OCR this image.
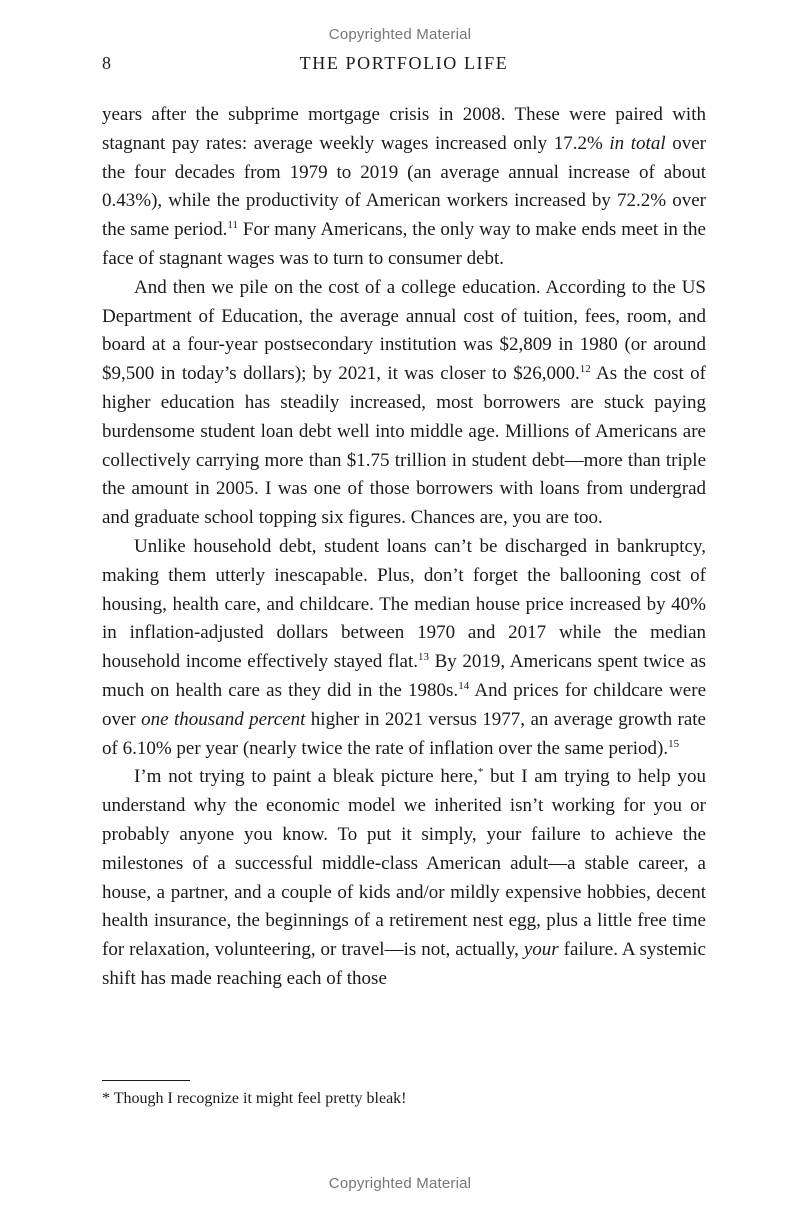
Copyrighted Material
8	THE PORTFOLIO LIFE

years after the subprime mortgage crisis in 2008. These were paired with stagnant pay rates: average weekly wages increased only 17.2% in total over the four decades from 1979 to 2019 (an average annual increase of about 0.43%), while the productivity of American workers increased by 72.2% over the same period.$^{11}$ For many Americans, the only way to make ends meet in the face of stagnant wages was to turn to consumer debt.

And then we pile on the cost of a college education. According to the US Department of Education, the average annual cost of tuition, fees, room, and board at a four-year postsecondary institution was $2,809 in 1980 (or around $9,500 in today’s dollars); by 2021, it was closer to $26,000.12 As the cost of higher education has steadily increased, most borrowers are stuck paying burdensome student loan debt well into middle age. Millions of Americans are collectively carrying more than $1.75 trillion in student debt—more than triple the amount in 2005. I was one of those borrowers with loans from undergrad and graduate school topping six figures. Chances are, you are too.

Unlike household debt, student loans can’t be discharged in bankruptcy, making them utterly inescapable. Plus, don’t forget the ballooning cost of housing, health care, and childcare. The median house price increased by 40% in inflation-adjusted dollars between 1970 and 2017 while the median household income effectively stayed flat.$^{13}$ By 2019, Americans spent twice as much on health care as they did in the 1980s.$^{14}$ And prices for childcare were over one thousand percent higher in 2021 versus 1977, an average growth rate of 6.10% per year (nearly twice the rate of inflation over the same period).$^{15}$

I’m not trying to paint a bleak picture here,* but I am trying to help you understand why the economic model we inherited isn’t working for you or probably anyone you know. To put it simply, your failure to achieve the milestones of a successful middle-class American adult—a stable career, a house, a partner, and a couple of kids and/or mildly expensive hobbies, decent health insurance, the beginnings of a retirement nest egg, plus a little free time for relaxation, volunteering, or travel—is not, actually, your failure. A systemic shift has made reaching each of those

* Though I recognize it might feel pretty bleak!
Copyrighted Material
